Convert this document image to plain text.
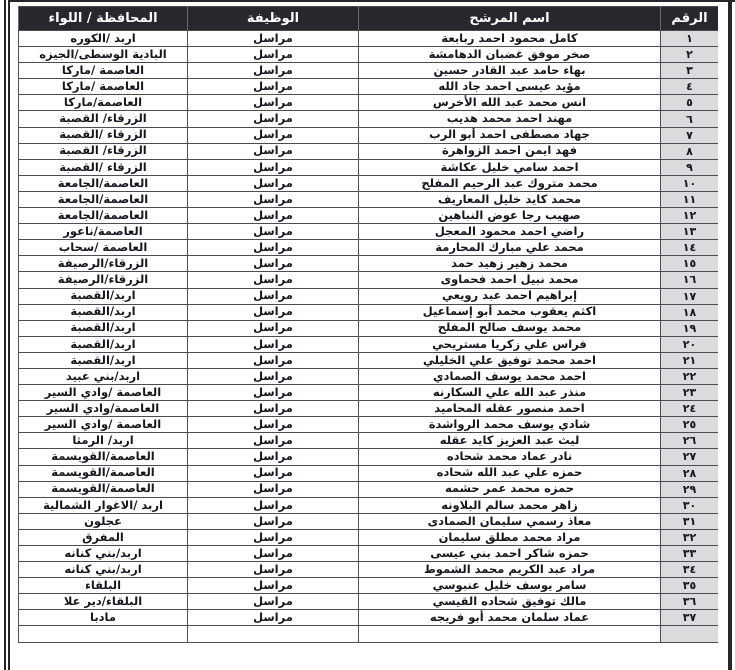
الرقم	اسم المرشح	الوظيفة	المحافظة / اللواء
١	كامل محمود احمد ربابعة	مراسل	اربد /الكوره
٢	صخر موفق غضبان الدهامشة	مراسل	البادية الوسطى/الجيزه
٣	بهاء حامد عبد القادر حسين	مراسل	العاصمة /ماركا
٤	مؤيد عيسى احمد جاد الله	مراسل	العاصمة /ماركا
٥	انس محمد عبد الله الأخرس	مراسل	العاصمة/ماركا
٦	مهند احمد محمد هديب	مراسل	الزرقاء/ القصبة
٧	جهاد مصطفى احمد أبو الرب	مراسل	الزرقاء /القصبة
٨	فهد ايمن احمد الزواهرة	مراسل	الزرقاء/ القصبة
٩	احمد سامي خليل عكاشة	مراسل	الزرقاء /القصبة
١٠	محمد متروك عبد الرحيم المفلح	مراسل	العاصمة/الجامعة
١١	محمد كايد خليل المعاريف	مراسل	العاصمة/الجامعة
١٢	صهيب رجا عوض النباهين	مراسل	العاصمة/الجامعة
١٣	راضي احمد محمود المعجل	مراسل	العاصمة/ناعور
١٤	محمد علي مبارك المحارمة	مراسل	العاصمة /سحاب
١٥	محمد زهير زهيد حمد	مراسل	الزرقاء/الرصيفة
١٦	محمد نبيل احمد فحماوى	مراسل	الزرقاء/الرصيفة
١٧	إبراهيم احمد عبد رويعي	مراسل	اربد/القصبة
١٨	اكثم يعقوب محمد أبو إسماعيل	مراسل	اربد/القصبة
١٩	محمد يوسف صالح المفلح	مراسل	اربد/القصبة
٢٠	فراس علي زكريا مستريحي	مراسل	اربد/القصبة
٢١	احمد محمد توفيق علي الخليلي	مراسل	اربد/القصبة
٢٢	احمد محمد يوسف الصمادي	مراسل	اربد/بني عبيد
٢٣	منذر عبد الله علي السكارنه	مراسل	العاصمة /وادي السير
٢٤	احمد منصور عقله المحاميد	مراسل	العاصمة/وادي السير
٢٥	شادي يوسف محمد الرواشدة	مراسل	العاصمة /وادي السير
٢٦	ليث عبد العزيز كايد عقله	مراسل	اربد/ الرمثا
٢٧	نادر عماد محمد شحاده	مراسل	العاصمة/القويسمة
٢٨	حمزه علي عبد الله شحاده	مراسل	العاصمة/القويسمة
٢٩	حمزه محمد عمر حشمه	مراسل	العاصمة/القويسمة
٣٠	زاهر محمد سالم البلاونه	مراسل	اربد /الاغوار الشمالية
٣١	معاذ رسمي سليمان الصمادى	مراسل	عجلون
٣٢	مراد محمد مطلق سليمان	مراسل	المفرق
٣٣	حمزه شاكر احمد بني عيسى	مراسل	اربد/بني كنانه
٣٤	مراد عبد الكريم محمد الشموط	مراسل	اربد/بني كنانه
٣٥	سامر يوسف خليل عنبوسي	مراسل	البلقاء
٣٦	مالك توفيق شحاده القيسي	مراسل	البلقاء/دير علا
٣٧	عماد سلمان محمد أبو فريجه	مراسل	مادبا
